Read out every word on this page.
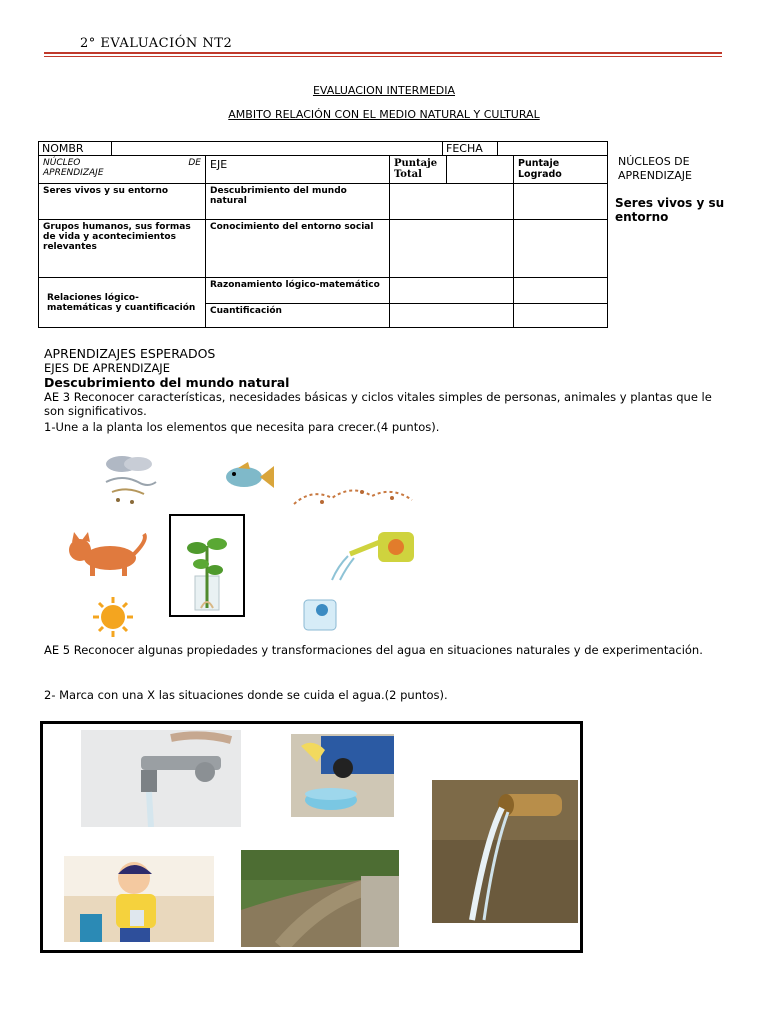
2° EVALUACIÓN NT2
EVALUACION INTERMEDIA
AMBITO RELACIÓN CON EL MEDIO NATURAL Y CULTURAL
NOMBR		FECHA	
NÚCLEO DE
APRENDIZAJE	EJE	Puntaje Total		Puntaje Logrado
Seres vivos y su entorno	Descubrimiento del mundo natural			
Grupos humanos, sus formas de vida y acontecimientos relevantes	Conocimiento del entorno social			
Relaciones lógico-matemáticas y cuantificación	Razonamiento lógico-matemático			
	Cuantificación			
NÚCLEOS DE APRENDIZAJE
Seres vivos y su entorno
APRENDIZAJES ESPERADOS
EJES DE APRENDIZAJE
Descubrimiento del mundo natural
AE 3 Reconocer características, necesidades básicas y ciclos vitales simples de personas, animales y plantas que le son significativos.
1-Une a la planta los elementos que necesita para crecer.(4 puntos).
AE 5 Reconocer algunas propiedades y transformaciones del agua en situaciones naturales y de experimentación.
2- Marca con una X las situaciones donde se cuida el agua.(2 puntos).
